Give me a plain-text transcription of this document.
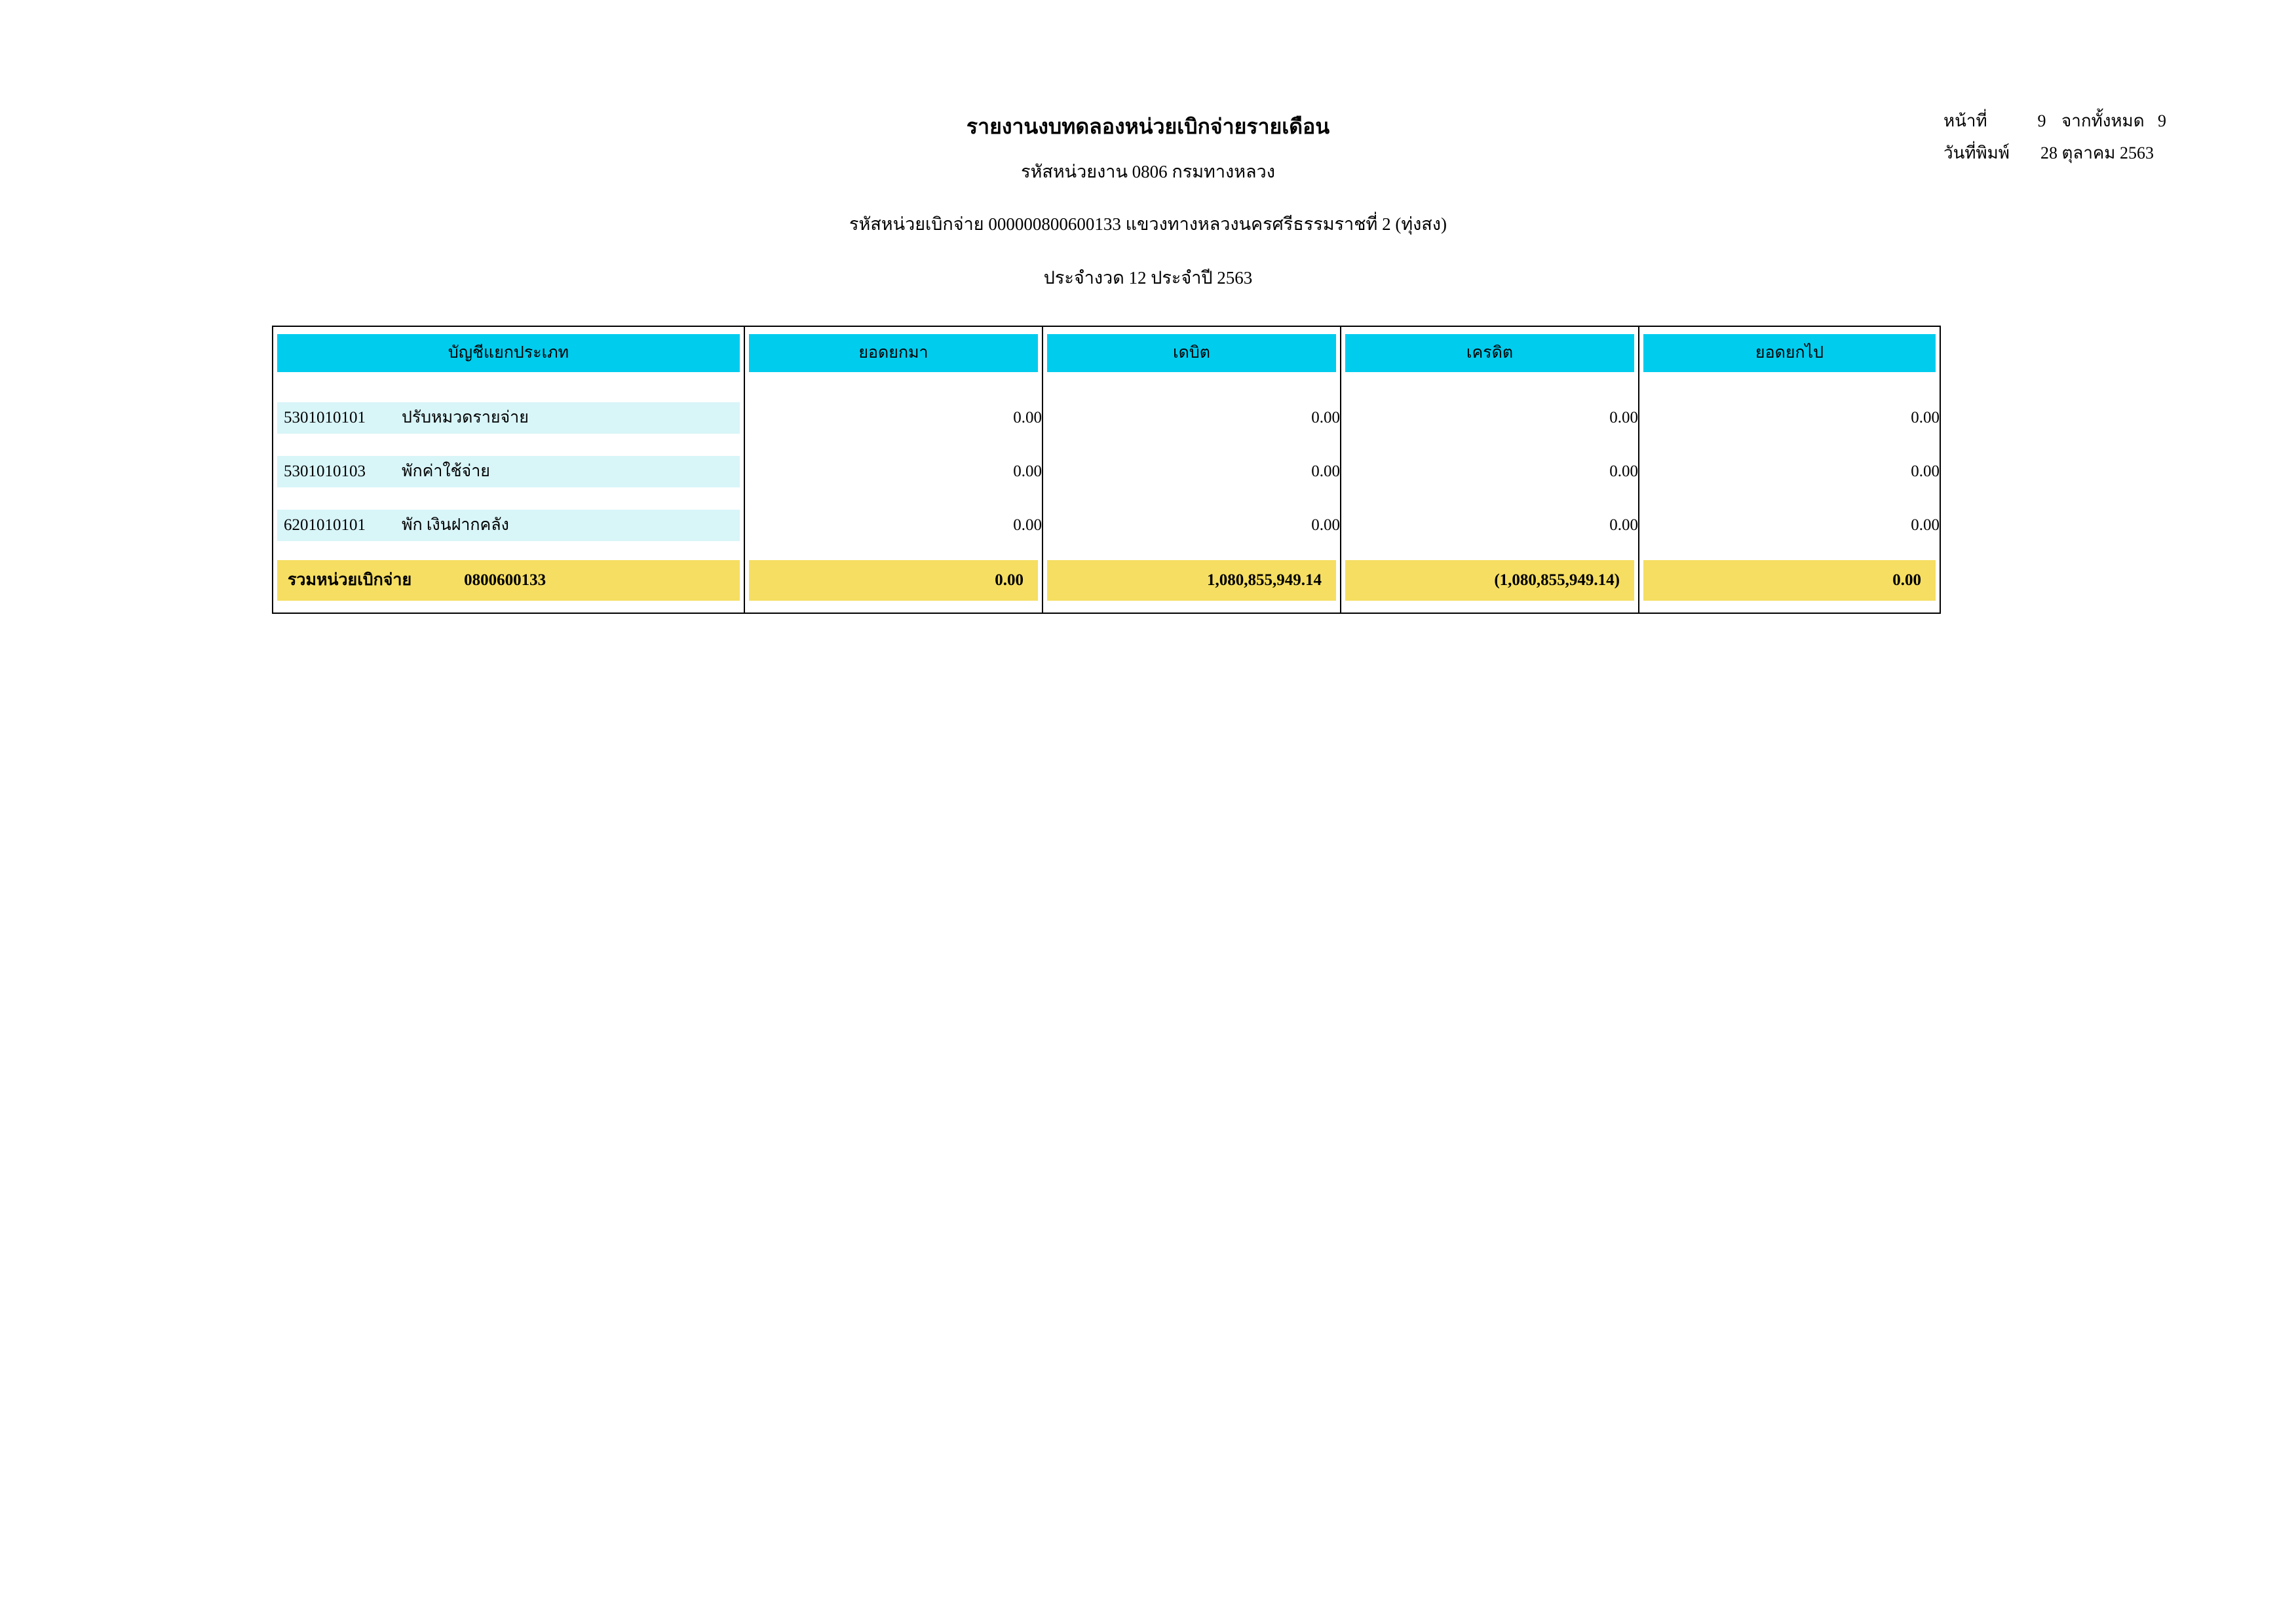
หน้าที่	9 จากทั้งหมด 9
วันที่พิมพ์	28 ตุลาคม 2563
รายงานงบทดลองหน่วยเบิกจ่ายรายเดือน
รหัสหน่วยงาน 0806 กรมทางหลวง
รหัสหน่วยเบิกจ่าย 000000800600133 แขวงทางหลวงนครศรีธรรมราชที่ 2 (ทุ่งสง)
ประจำงวด 12 ประจำปี 2563

บัญชีแยกประเภท	ยอดยกมา	เดบิต	เครดิต	ยอดยกไป

5301010101 ปรับหมวดรายจ่าย	0.00	0.00	0.00	0.00

5301010103 พักค่าใช้จ่าย	0.00	0.00	0.00	0.00

6201010101 พัก เงินฝากคลัง	0.00	0.00	0.00	0.00

รวมหน่วยเบิกจ่าย 0800600133	0.00	1,080,855,949.14	(1,080,855,949.14)	0.00
